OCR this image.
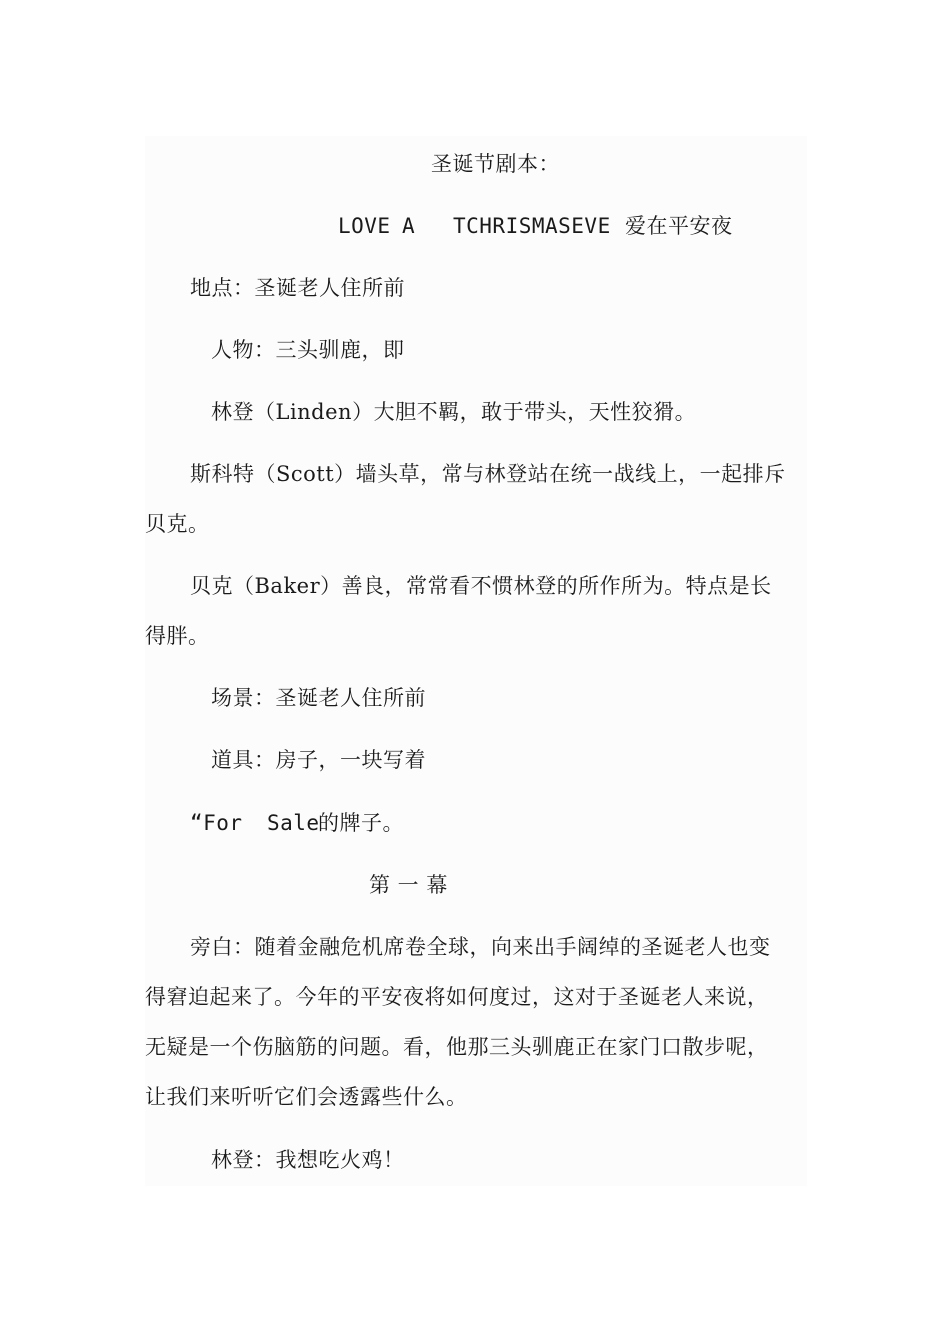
圣诞节剧本：
LOVE A TCHRISMASEVE 爱在平安夜
地点：圣诞老人住所前
人物：三头驯鹿，即
林登（Linden）大胆不羁，敢于带头，天性狡猾。
斯科特（Scott）墙头草，常与林登站在统一战线上，一起排斥
贝克。
贝克（Baker）善良，常常看不惯林登的所作所为。特点是长
得胖。
场景：圣诞老人住所前
道具：房子，一块写着
“For Sale
的牌子。
第 一 幕
旁白：随着金融危机席卷全球，向来出手阔绰的圣诞老人也变
得窘迫起来了。今年的平安夜将如何度过，这对于圣诞老人来说，
无疑是一个伤脑筋的问题。看，他那三头驯鹿正在家门口散步呢，
让我们来听听它们会透露些什么。
林登：我想吃火鸡！
